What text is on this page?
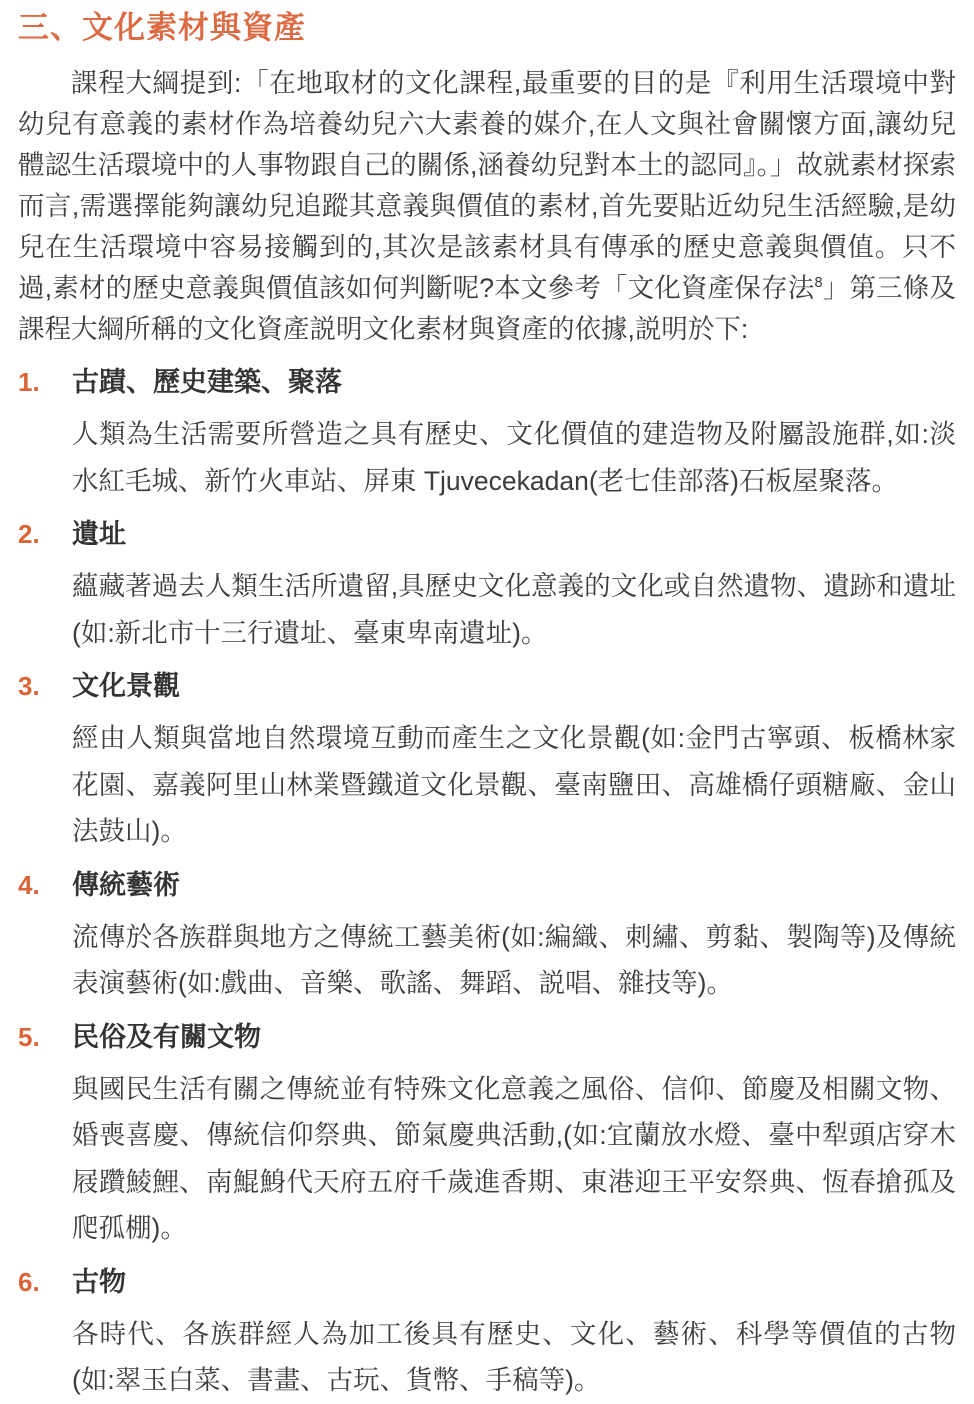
三、文化素材與資產

課程大綱提到:「在地取材的文化課程,最重要的目的是『利用生活環境中對幼兒有意義的素材作為培養幼兒六大素養的媒介,在人文與社會關懷方面,讓幼兒體認生活環境中的人事物跟自己的關係,涵養幼兒對本土的認同』。」故就素材探索而言,需選擇能夠讓幼兒追蹤其意義與價值的素材,首先要貼近幼兒生活經驗,是幼兒在生活環境中容易接觸到的,其次是該素材具有傳承的歷史意義與價值。只不過,素材的歷史意義與價值該如何判斷呢?本文參考「文化資產保存法$^8$」第三條及課程大綱所稱的文化資產説明文化素材與資產的依據,説明於下:

1.	古蹟、歷史建築、聚落
人類為生活需要所營造之具有歷史、文化價值的建造物及附屬設施群,如:淡水紅毛城、新竹火車站、屏東 Tjuvecekadan(老七佳部落)石板屋聚落。
2.	遺址
蘊藏著過去人類生活所遺留,具歷史文化意義的文化或自然遺物、遺跡和遺址(如:新北市十三行遺址、臺東卑南遺址)。
3.	文化景觀
經由人類與當地自然環境互動而產生之文化景觀(如:金門古寧頭、板橋林家花園、嘉義阿里山林業暨鐵道文化景觀、臺南鹽田、高雄橋仔頭糖廠、金山法鼓山)。
4.	傳統藝術
流傳於各族群與地方之傳統工藝美術(如:編織、刺繡、剪黏、製陶等)及傳統表演藝術(如:戲曲、音樂、歌謠、舞蹈、説唱、雜技等)。
5.	民俗及有關文物
與國民生活有關之傳統並有特殊文化意義之風俗、信仰、節慶及相關文物、婚喪喜慶、傳統信仰祭典、節氣慶典活動,(如:宜蘭放水燈、臺中犁頭店穿木屐躦鯪鯉、南鯤鯓代天府五府千歲進香期、東港迎王平安祭典、恆春搶孤及爬孤棚)。
6.	古物
各時代、各族群經人為加工後具有歷史、文化、藝術、科學等價值的古物(如:翠玉白菜、書畫、古玩、貨幣、手稿等)。
